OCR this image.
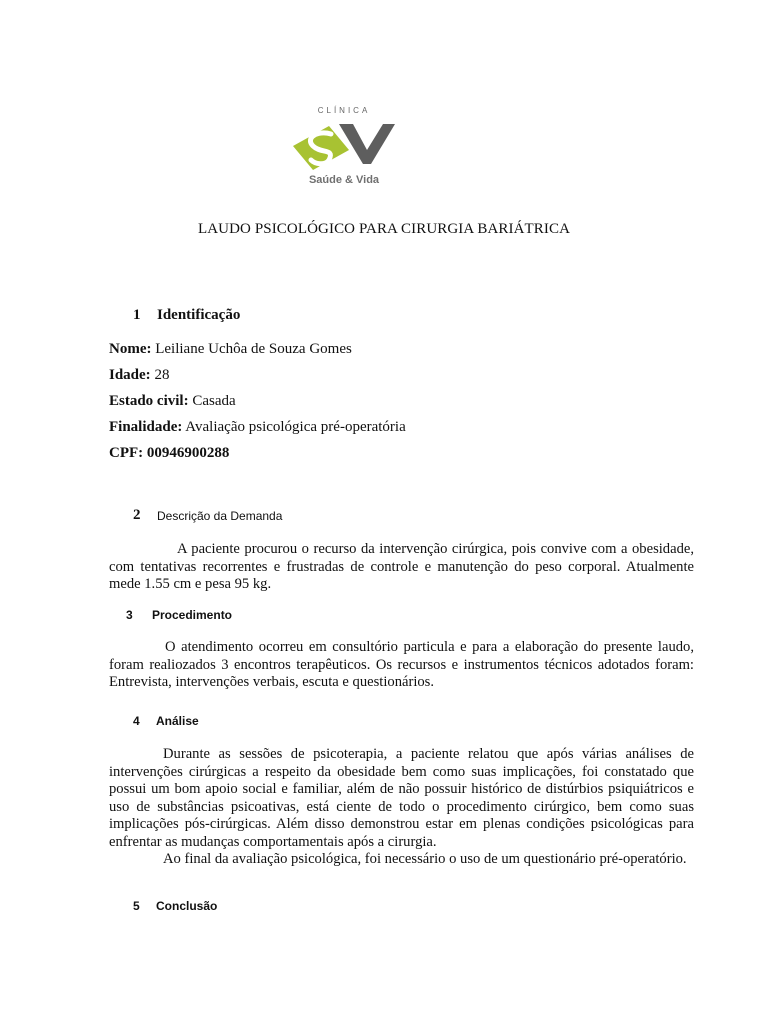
CLÍNICA
Saúde & Vida
LAUDO PSICOLÓGICO PARA CIRURGIA BARIÁTRICA
1 Identificação
Nome: Leiliane Uchôa de Souza Gomes
Idade: 28
Estado civil: Casada
Finalidade: Avaliação psicológica pré-operatória
CPF: 00946900288
2 Descrição da Demanda

A paciente procurou o recurso da intervenção cirúrgica, pois convive com a obesidade, com tentativas recorrentes e frustradas de controle e manutenção do peso corporal. Atualmente mede 1.55 cm e pesa 95 kg.

3 Procedimento

O atendimento ocorreu em consultório particula e para a elaboração do presente laudo, foram realiozados 3 encontros terapêuticos. Os recursos e instrumentos técnicos adotados foram: Entrevista, intervenções verbais, escuta e questionários.

4 Análise

Durante as sessões de psicoterapia, a paciente relatou que após várias análises de intervenções cirúrgicas a respeito da obesidade bem como suas implicações, foi constatado que possui um bom apoio social e familiar, além de não possuir histórico de distúrbios psiquiátricos e uso de substâncias psicoativas, está ciente de todo o procedimento cirúrgico, bem como suas implicações pós-cirúrgicas. Além disso demonstrou estar em plenas condições psicológicas para enfrentar as mudanças comportamentais após a cirurgia.

Ao final da avaliação psicológica, foi necessário o uso de um questionário pré-operatório.

5 Conclusão
